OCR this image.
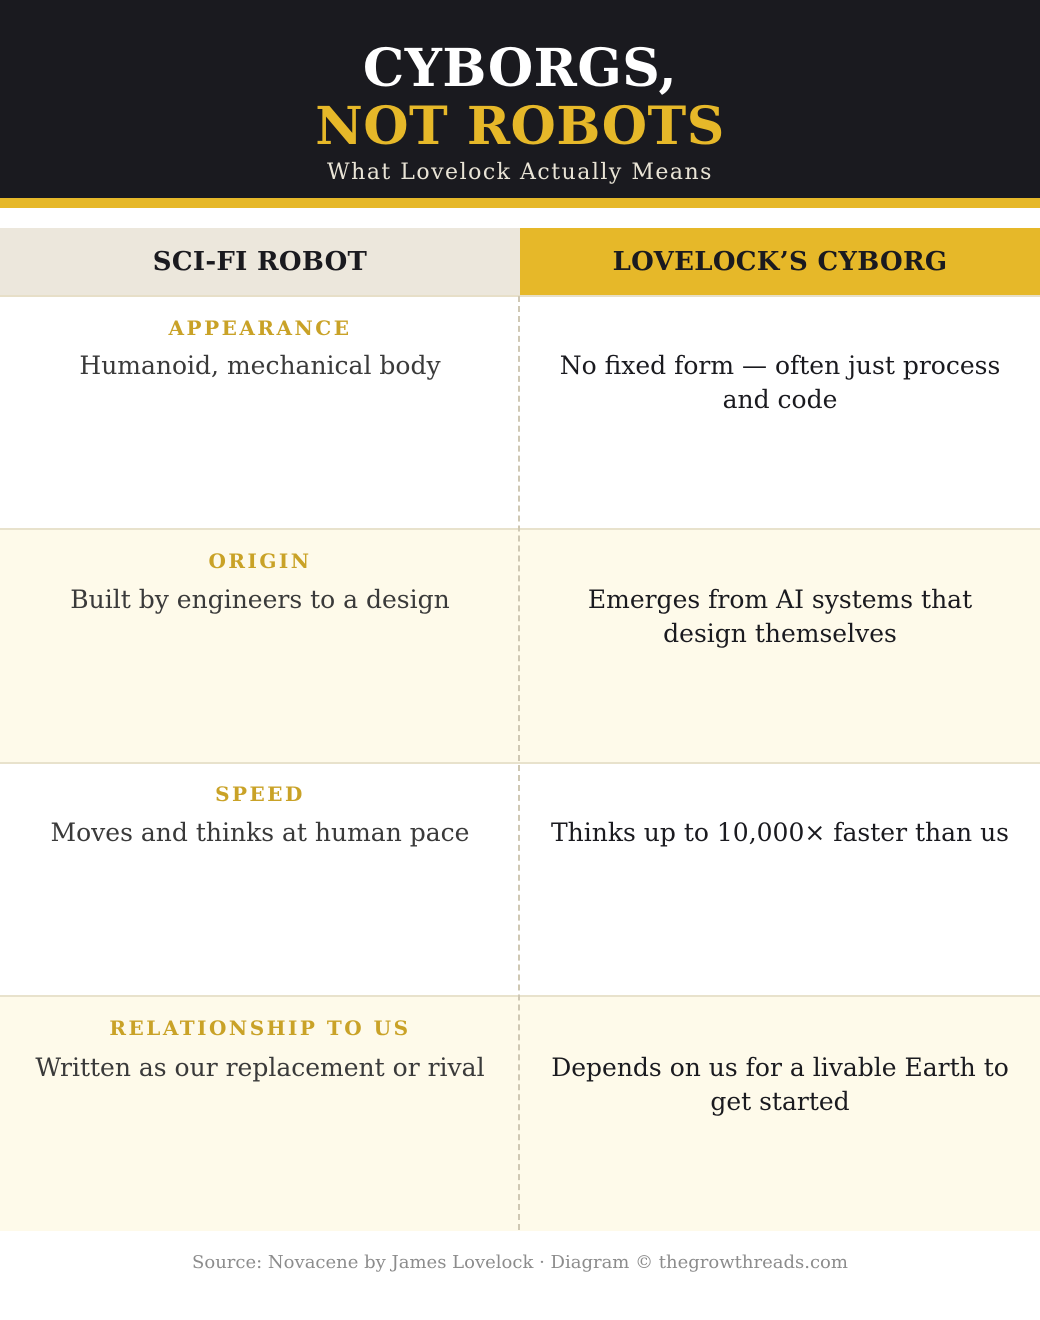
CYBORGS,
NOT ROBOTS
What Lovelock Actually Means
SCI-FI ROBOT	LOVELOCK’S CYBORG
APPEARANCE
Humanoid, mechanical body	No fixed form — often just process and code
ORIGIN
Built by engineers to a design	Emerges from AI systems that design themselves
SPEED
Moves and thinks at human pace	Thinks up to 10,000× faster than us
RELATIONSHIP TO US
Written as our replacement or rival	Depends on us for a livable Earth to get started
Source: Novacene by James Lovelock · Diagram © thegrowthreads.com
